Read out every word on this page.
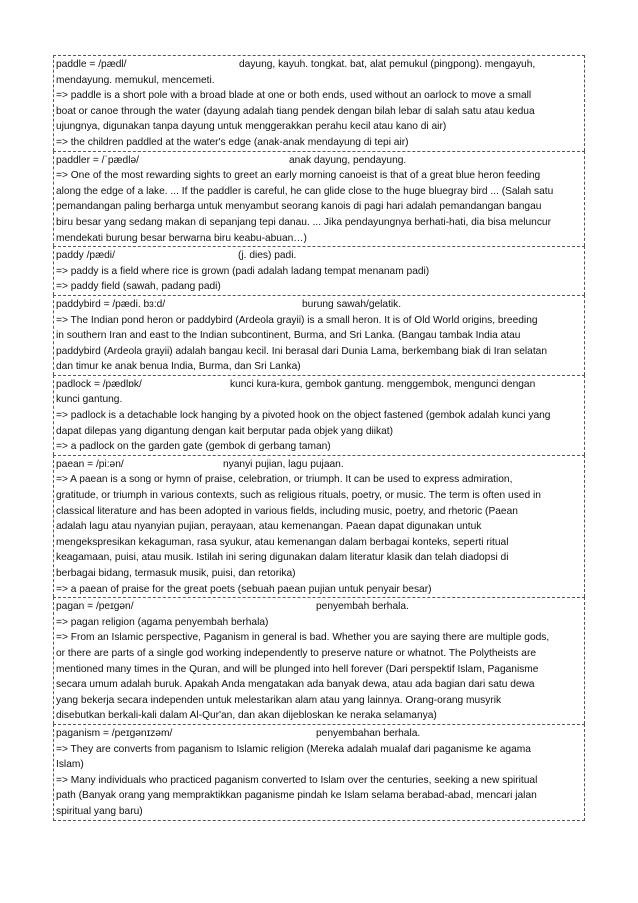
paddle = /pædl/	dayung, kayuh. tongkat. bat, alat pemukul (pingpong). mengayuh,
mendayung. memukul, mencemeti.
=> paddle is a short pole with a broad blade at one or both ends, used without an oarlock to move a small
boat or canoe through the water (dayung adalah tiang pendek dengan bilah lebar di salah satu atau kedua
ujungnya, digunakan tanpa dayung untuk menggerakkan perahu kecil atau kano di air)
=> the children paddled at the water's edge (anak-anak mendayung di tepi air)
paddler = /ˈpædlə/	anak dayung, pendayung.
=> One of the most rewarding sights to greet an early morning canoeist is that of a great blue heron feeding
along the edge of a lake. ... If the paddler is careful, he can glide close to the huge bluegray bird ... (Salah satu
pemandangan paling berharga untuk menyambut seorang kanois di pagi hari adalah pemandangan bangau
biru besar yang sedang makan di sepanjang tepi danau. ... Jika pendayungnya berhati-hati, dia bisa meluncur
mendekati burung besar berwarna biru keabu-abuan…)
paddy /pædi/	(j. dies) padi.
=> paddy is a field where rice is grown (padi adalah ladang tempat menanam padi)
=> paddy field (sawah, padang padi)
paddybird = /pædi. bɜ:d/	burung sawah/gelatik.
=> The Indian pond heron or paddybird (Ardeola grayii) is a small heron. It is of Old World origins, breeding
in southern Iran and east to the Indian subcontinent, Burma, and Sri Lanka. (Bangau tambak India atau
paddybird (Ardeola grayii) adalah bangau kecil. Ini berasal dari Dunia Lama, berkembang biak di Iran selatan
dan timur ke anak benua India, Burma, dan Sri Lanka)
padlock = /pædlɒk/	kunci kura-kura, gembok gantung. menggembok, mengunci dengan
kunci gantung.
=> padlock is a detachable lock hanging by a pivoted hook on the object fastened (gembok adalah kunci yang
dapat dilepas yang digantung dengan kait berputar pada objek yang diikat)
=> a padlock on the garden gate (gembok di gerbang taman)
paean = /pi:ən/	nyanyi pujian, lagu pujaan.
=> A paean is a song or hymn of praise, celebration, or triumph. It can be used to express admiration,
gratitude, or triumph in various contexts, such as religious rituals, poetry, or music. The term is often used in
classical literature and has been adopted in various fields, including music, poetry, and rhetoric (Paean
adalah lagu atau nyanyian pujian, perayaan, atau kemenangan. Paean dapat digunakan untuk
mengekspresikan kekaguman, rasa syukur, atau kemenangan dalam berbagai konteks, seperti ritual
keagamaan, puisi, atau musik. Istilah ini sering digunakan dalam literatur klasik dan telah diadopsi di
berbagai bidang, termasuk musik, puisi, dan retorika)
=> a paean of praise for the great poets (sebuah paean pujian untuk penyair besar)
pagan = /peɪgən/	penyembah berhala.
=> pagan religion (agama penyembah berhala)
=> From an Islamic perspective, Paganism in general is bad. Whether you are saying there are multiple gods,
or there are parts of a single god working independently to preserve nature or whatnot. The Polytheists are
mentioned many times in the Quran, and will be plunged into hell forever (Dari perspektif Islam, Paganisme
secara umum adalah buruk. Apakah Anda mengatakan ada banyak dewa, atau ada bagian dari satu dewa
yang bekerja secara independen untuk melestarikan alam atau yang lainnya. Orang-orang musyrik
disebutkan berkali-kali dalam Al-Qur'an, dan akan dijebloskan ke neraka selamanya)
paganism = /peɪgənɪzəm/	penyembahan berhala.
=> They are converts from paganism to Islamic religion (Mereka adalah mualaf dari paganisme ke agama
Islam)
=> Many individuals who practiced paganism converted to Islam over the centuries, seeking a new spiritual
path (Banyak orang yang mempraktikkan paganisme pindah ke Islam selama berabad-abad, mencari jalan
spiritual yang baru)
